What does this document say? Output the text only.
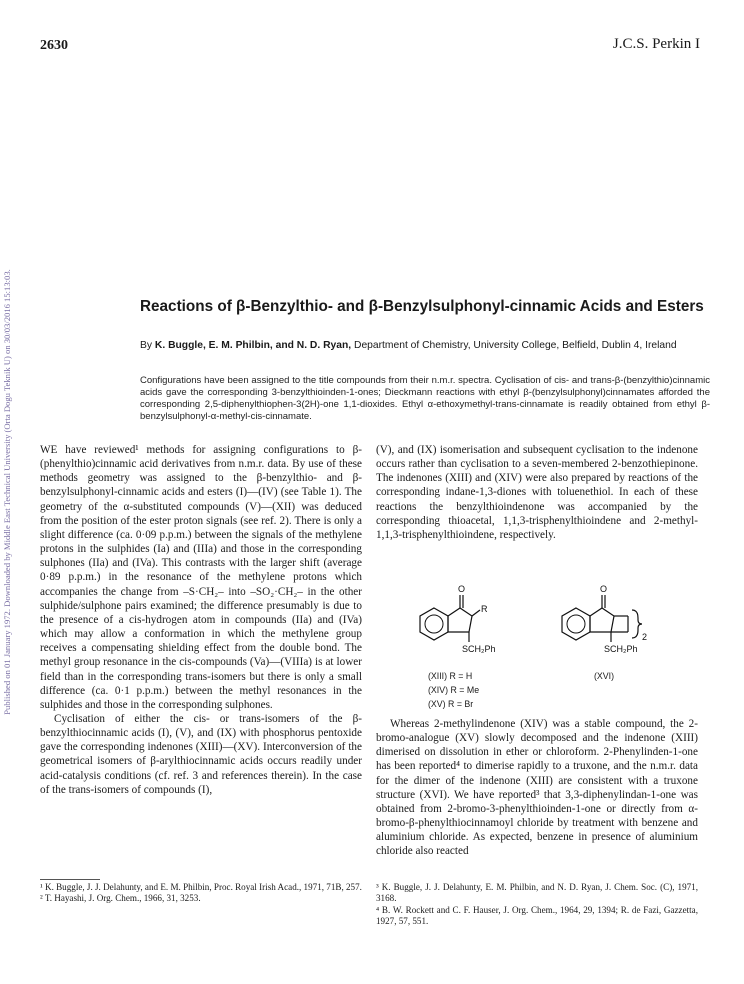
Published on 01 January 1972. Downloaded by Middle East Technical University (Orta Dogu Teknik U) on 30/03/2016 15:13:03.
2630	J.C.S. Perkin I
Reactions of β-Benzylthio- and β-Benzylsulphonyl-cinnamic Acids and Esters
By K. Buggle, E. M. Philbin, and N. D. Ryan, Department of Chemistry, University College, Belfield, Dublin 4, Ireland
Configurations have been assigned to the title compounds from their n.m.r. spectra. Cyclisation of cis- and trans-β-(benzylthio)cinnamic acids gave the corresponding 3-benzylthioinden-1-ones; Dieckmann reactions with ethyl β-(benzylsulphonyl)cinnamates afforded the corresponding 2,5-diphenylthiophen-3(2H)-one 1,1-dioxides. Ethyl α-ethoxymethyl-trans-cinnamate is readily obtained from ethyl β-benzylsulphonyl-α-methyl-cis-cinnamate.

WE have reviewed¹ methods for assigning configurations to β-(phenylthio)cinnamic acid derivatives from n.m.r. data. By use of these methods geometry was assigned to the β-benzylthio- and β-benzylsulphonyl-cinnamic acids and esters (I)—(IV) (see Table 1). The geometry of the α-substituted compounds (V)—(XII) was deduced from the position of the ester proton signals (see ref. 2). There is only a slight difference (ca. 0·09 p.p.m.) between the signals of the methylene protons in the sulphides (Ia) and (IIIa) and those in the corresponding sulphones (IIa) and (IVa). This contrasts with the larger shift (average 0·89 p.p.m.) in the resonance of the methylene protons which accompanies the change from –S·CH₂– into –SO₂·CH₂– in the other sulphide/sulphone pairs examined; the difference presumably is due to the presence of a cis-hydrogen atom in compounds (IIa) and (IVa) which may allow a conformation in which the methylene group receives a compensating shielding effect from the double bond. The methyl group resonance in the cis-compounds (Va)—(VIIIa) is at lower field than in the corresponding trans-isomers but there is only a small difference (ca. 0·1 p.p.m.) between the methyl resonances in the sulphides and those in the corresponding sulphones.

Cyclisation of either the cis- or trans-isomers of the β-benzylthiocinnamic acids (I), (V), and (IX) with phosphorus pentoxide gave the corresponding indenones (XIII)—(XV). Interconversion of the geometrical isomers of β-arylthiocinnamic acids occurs readily under acid-catalysis conditions (cf. ref. 3 and references therein). In the case of the trans-isomers of compounds (I),

(V), and (IX) isomerisation and subsequent cyclisation to the indenone occurs rather than cyclisation to a seven-membered 2-benzothiepinone. The indenones (XIII) and (XIV) were also prepared by reactions of the corresponding indane-1,3-diones with toluenethiol. In each of these reactions the benzylthioindenone was accompanied by the corresponding thioacetal, 1,1,3-trisphenylthioindene and 2-methyl-1,1,3-trisphenylthioindene, respectively.

O
R
SCH₂Ph
O
2
SCH₂Ph
(XIII) R = H
(XIV) R = Me
(XV) R = Br
(XVI)

Whereas 2-methylindenone (XIV) was a stable compound, the 2-bromo-analogue (XV) slowly decomposed and the indenone (XIII) dimerised on dissolution in ether or chloroform. 2-Phenylinden-1-one has been reported⁴ to dimerise rapidly to a truxone, and the n.m.r. data for the dimer of the indenone (XIII) are consistent with a truxone structure (XVI). We have reported³ that 3,3-diphenylindan-1-one was obtained from 2-bromo-3-phenylthioinden-1-one or directly from α-bromo-β-phenylthiocinnamoyl chloride by treatment with benzene and aluminium chloride. As expected, benzene in presence of aluminium chloride also reacted

¹ K. Buggle, J. J. Delahunty, and E. M. Philbin, Proc. Royal Irish Acad., 1971, 71B, 257.

² T. Hayashi, J. Org. Chem., 1966, 31, 3253.

³ K. Buggle, J. J. Delahunty, E. M. Philbin, and N. D. Ryan, J. Chem. Soc. (C), 1971, 3168.

⁴ B. W. Rockett and C. F. Hauser, J. Org. Chem., 1964, 29, 1394; R. de Fazi, Gazzetta, 1927, 57, 551.
